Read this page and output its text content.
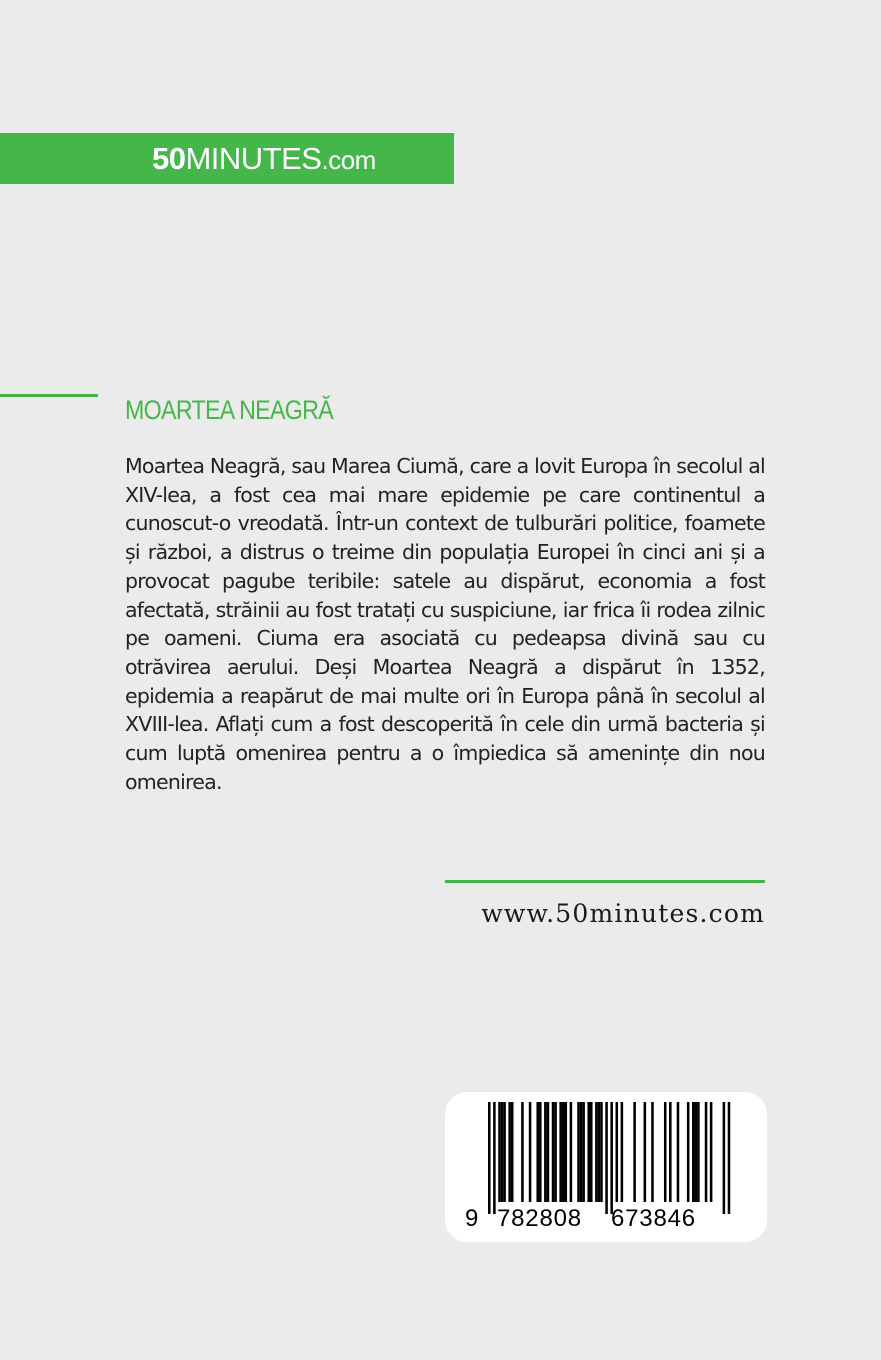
50MINUTES.com
MOARTEA NEAGRĂ

Moartea Neagră, sau Marea Ciumă, care a lovit Europa în secolul al XIV-lea, a fost cea mai mare epidemie pe care continentul a cunoscut-o vreodată. Într-un context de tulburări politice, foamete și război, a distrus o treime din populația Europei în cinci ani și a provocat pagube teribile: satele au dispărut, economia a fost afectată, străinii au fost tratați cu suspiciune, iar frica îi rodea zilnic pe oameni. Ciuma era asociată cu pedeapsa divină sau cu otrăvirea aerului. Deși Moartea Neagră a dispărut în 1352, epidemia a reapărut de mai multe ori în Europa până în secolul al XVIII-lea. Aflați cum a fost descoperită în cele din urmă bacteria și cum luptă omenirea pentru a o împiedica să amenințe din nou omenirea.

www.50minutes.com
9 782808 673846
